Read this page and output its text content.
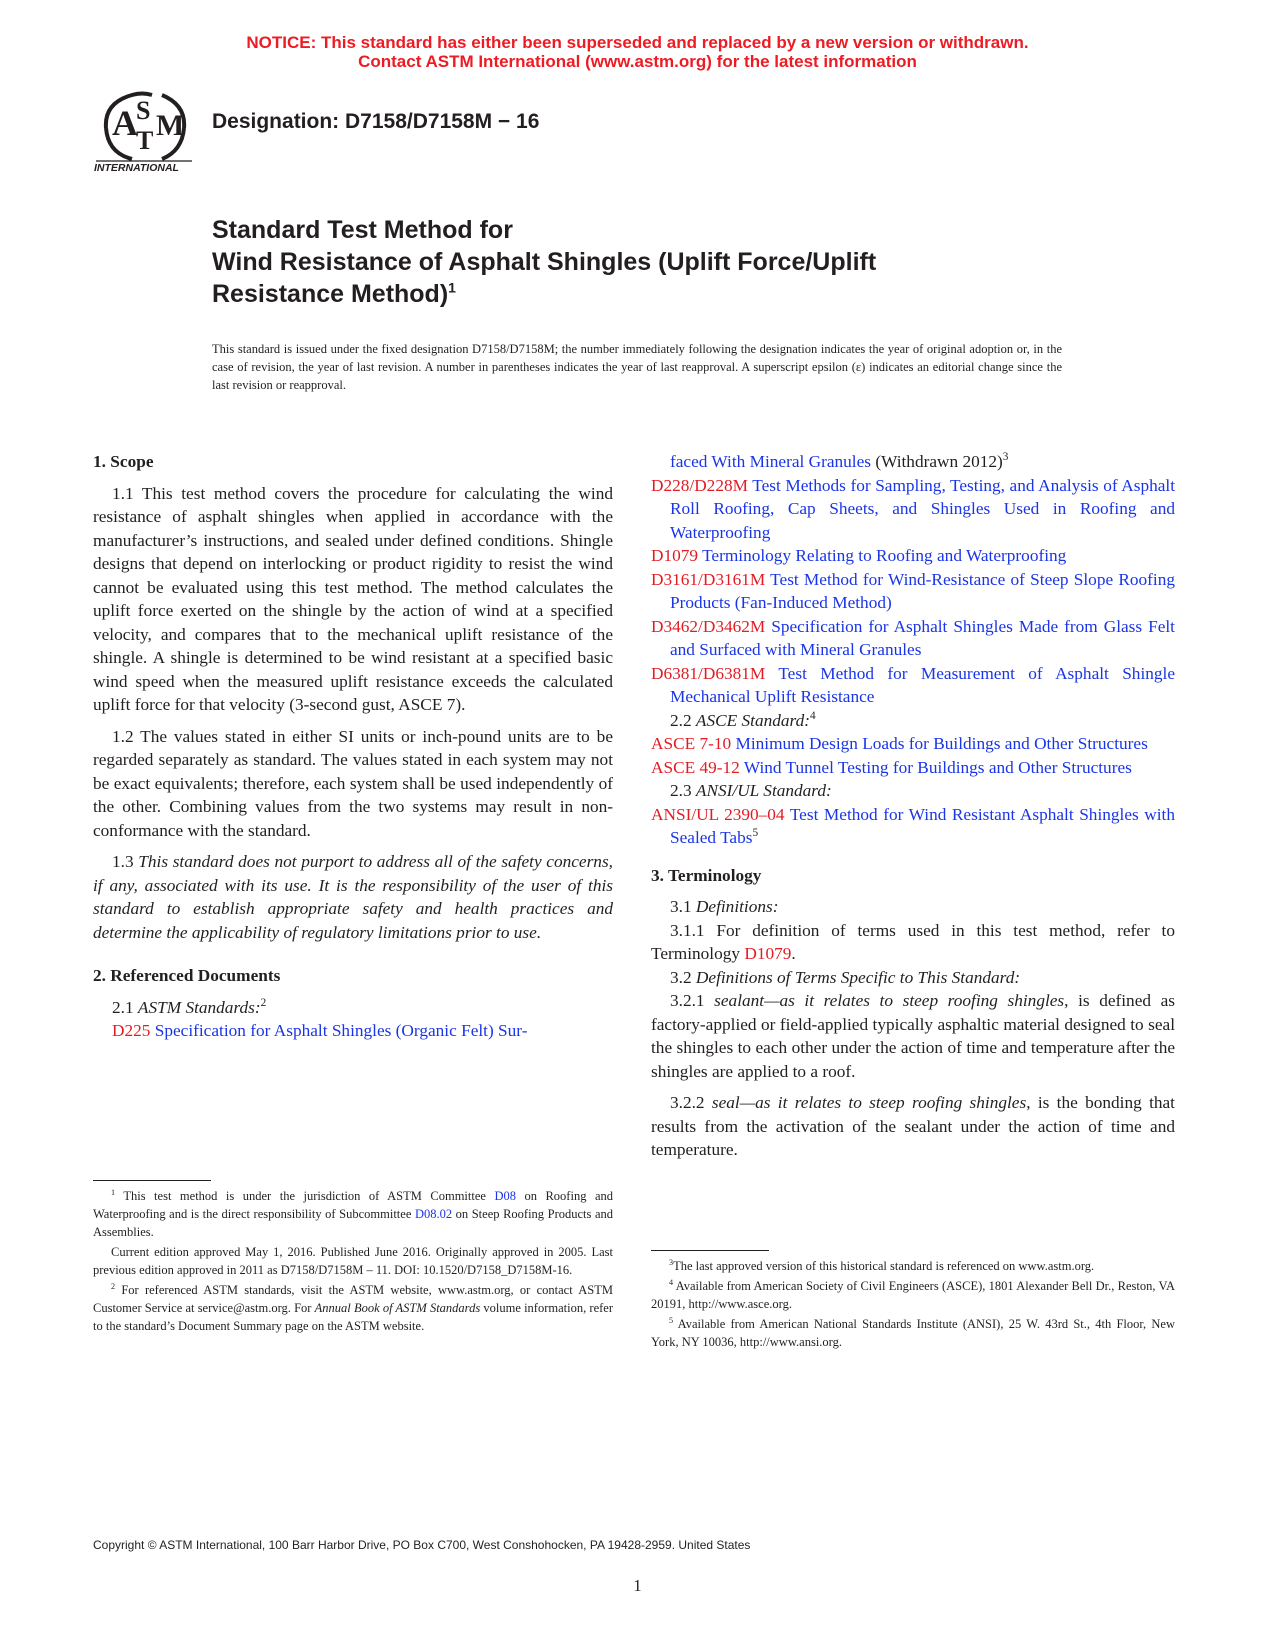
NOTICE: This standard has either been superseded and replaced by a new version or withdrawn.
Contact ASTM International (www.astm.org) for the latest information
A
S
T M
INTERNATIONAL
Designation: D7158/D7158M − 16
Standard Test Method for
Wind Resistance of Asphalt Shingles (Uplift Force/Uplift
Resistance Method)$^1$
This standard is issued under the fixed designation D7158/D7158M; the number immediately following the designation indicates the year of original adoption or, in the case of revision, the year of last revision. A number in parentheses indicates the year of last reapproval. A superscript epsilon (ε) indicates an editorial change since the last revision or reapproval.

1. Scope

1.1 This test method covers the procedure for calculating the wind resistance of asphalt shingles when applied in accordance with the manufacturer’s instructions, and sealed under defined conditions. Shingle designs that depend on interlocking or product rigidity to resist the wind cannot be evaluated using this test method. The method calculates the uplift force exerted on the shingle by the action of wind at a specified velocity, and compares that to the mechanical uplift resistance of the shingle. A shingle is determined to be wind resistant at a specified basic wind speed when the measured uplift resistance exceeds the calculated uplift force for that velocity (3-second gust, ASCE 7).

1.2 The values stated in either SI units or inch-pound units are to be regarded separately as standard. The values stated in each system may not be exact equivalents; therefore, each system shall be used independently of the other. Combining values from the two systems may result in non-conformance with the standard.

1.3 This standard does not purport to address all of the safety concerns, if any, associated with its use. It is the responsibility of the user of this standard to establish appropriate safety and health practices and determine the applicability of regulatory limitations prior to use.

2. Referenced Documents

2.1 ASTM Standards:$^2$

D225 Specification for Asphalt Shingles (Organic Felt) Sur-

$^1$ This test method is under the jurisdiction of ASTM Committee D08 on Roofing and Waterproofing and is the direct responsibility of Subcommittee D08.02 on Steep Roofing Products and Assemblies.

Current edition approved May 1, 2016. Published June 2016. Originally approved in 2005. Last previous edition approved in 2011 as D7158/D7158M – 11. DOI: 10.1520/D7158_D7158M-16.

$^2$ For referenced ASTM standards, visit the ASTM website, www.astm.org, or contact ASTM Customer Service at service@astm.org. For Annual Book of ASTM Standards volume information, refer to the standard’s Document Summary page on the ASTM website.

faced With Mineral Granules (Withdrawn 2012)$^3$

D228/D228M Test Methods for Sampling, Testing, and Analysis of Asphalt Roll Roofing, Cap Sheets, and Shingles Used in Roofing and Waterproofing

D1079 Terminology Relating to Roofing and Waterproofing

D3161/D3161M Test Method for Wind-Resistance of Steep Slope Roofing Products (Fan-Induced Method)

D3462/D3462M Specification for Asphalt Shingles Made from Glass Felt and Surfaced with Mineral Granules

D6381/D6381M Test Method for Measurement of Asphalt Shingle Mechanical Uplift Resistance

2.2 ASCE Standard:$^4$

ASCE 7-10 Minimum Design Loads for Buildings and Other Structures

ASCE 49-12 Wind Tunnel Testing for Buildings and Other Structures

2.3 ANSI/UL Standard:

ANSI/UL 2390–04 Test Method for Wind Resistant Asphalt Shingles with Sealed Tabs$^5$

3. Terminology

3.1 Definitions:

3.1.1 For definition of terms used in this test method, refer to Terminology D1079.

3.2 Definitions of Terms Specific to This Standard:

3.2.1 sealant—as it relates to steep roofing shingles, is defined as factory-applied or field-applied typically asphaltic material designed to seal the shingles to each other under the action of time and temperature after the shingles are applied to a roof.

3.2.2 seal—as it relates to steep roofing shingles, is the bonding that results from the activation of the sealant under the action of time and temperature.

$^3$The last approved version of this historical standard is referenced on www.astm.org.

$^4$ Available from American Society of Civil Engineers (ASCE), 1801 Alexander Bell Dr., Reston, VA 20191, http://www.asce.org.

$^5$ Available from American National Standards Institute (ANSI), 25 W. 43rd St., 4th Floor, New York, NY 10036, http://www.ansi.org.

Copyright © ASTM International, 100 Barr Harbor Drive, PO Box C700, West Conshohocken, PA 19428-2959. United States
1
